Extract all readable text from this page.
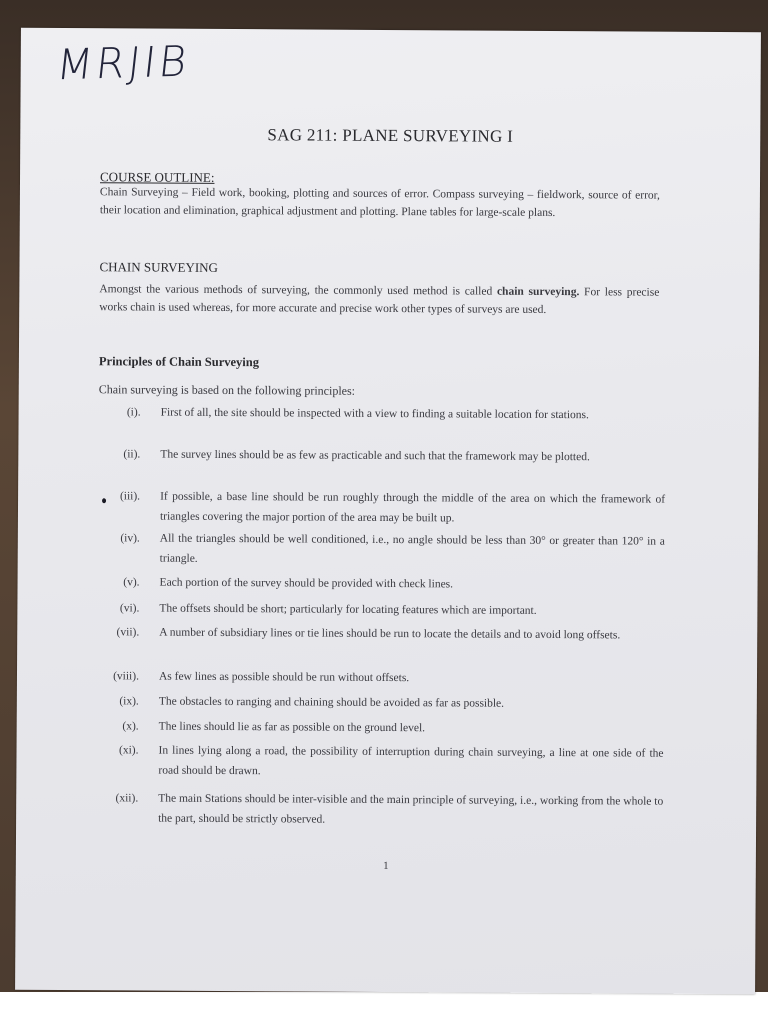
MRJIB
SAG 211: PLANE SURVEYING I
COURSE OUTLINE:
Chain Surveying – Field work, booking, plotting and sources of error. Compass surveying – fieldwork, source of error, their location and elimination, graphical adjustment and plotting. Plane tables for large-scale plans.
CHAIN SURVEYING
Amongst the various methods of surveying, the commonly used method is called chain surveying. For less precise works chain is used whereas, for more accurate and precise work other types of surveys are used.
Principles of Chain Surveying
Chain surveying is based on the following principles:
(i). First of all, the site should be inspected with a view to finding a suitable location for stations.
(ii). The survey lines should be as few as practicable and such that the framework may be plotted.
(iii). If possible, a base line should be run roughly through the middle of the area on which the framework of triangles covering the major portion of the area may be built up.
(iv). All the triangles should be well conditioned, i.e., no angle should be less than 30° or greater than 120° in a triangle.
(v). Each portion of the survey should be provided with check lines.
(vi). The offsets should be short; particularly for locating features which are important.
(vii). A number of subsidiary lines or tie lines should be run to locate the details and to avoid long offsets.
(viii). As few lines as possible should be run without offsets.
(ix). The obstacles to ranging and chaining should be avoided as far as possible.
(x). The lines should lie as far as possible on the ground level.
(xi). In lines lying along a road, the possibility of interruption during chain surveying, a line at one side of the road should be drawn.
(xii). The main Stations should be inter-visible and the main principle of surveying, i.e., working from the whole to the part, should be strictly observed.
1
